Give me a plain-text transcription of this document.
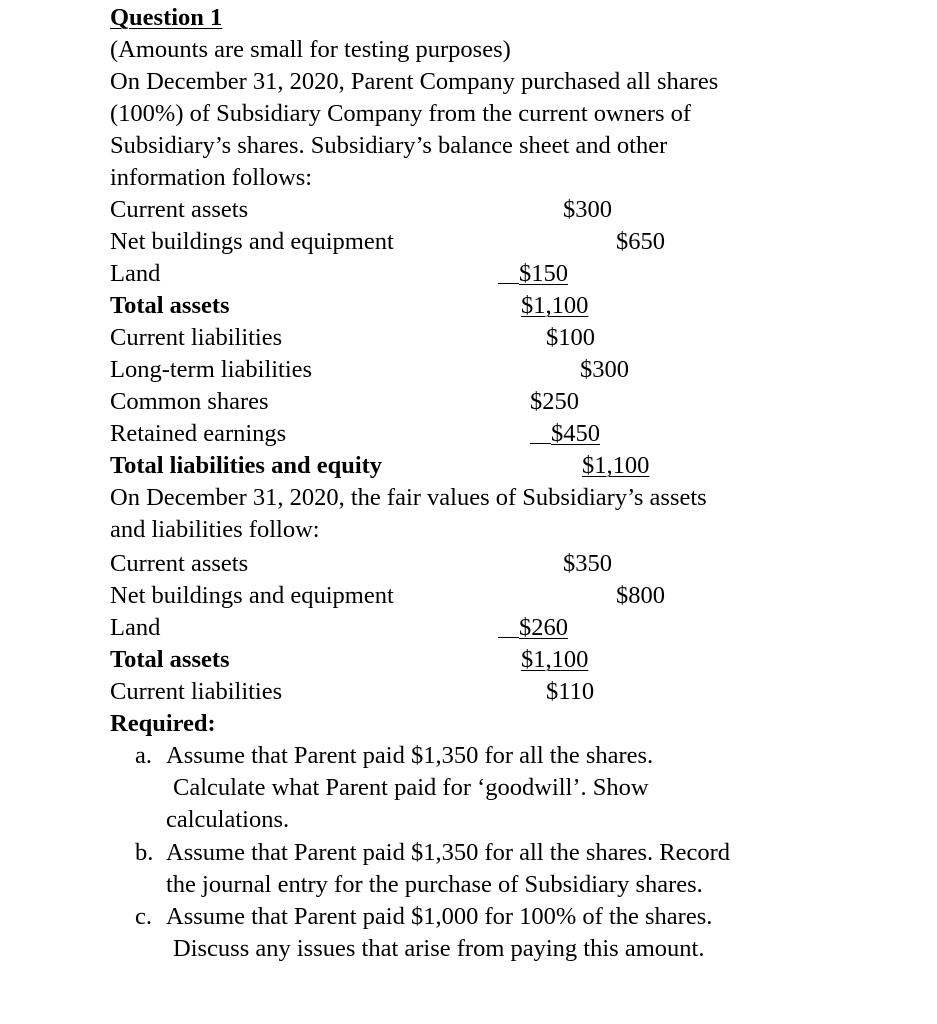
Question 1
(Amounts are small for testing purposes)
On December 31, 2020, Parent Company purchased all shares
(100%) of Subsidiary Company from the current owners of
Subsidiary’s shares. Subsidiary’s balance sheet and other
information follows:
Current assets	$300
Net buildings and equipment	$650
Land	$150
Total assets	$1,100
Current liabilities	$100
Long-term liabilities	$300
Common shares	$250
Retained earnings	$450
Total liabilities and equity	$1,100
On December 31, 2020, the fair values of Subsidiary’s assets
and liabilities follow:
Current assets	$350
Net buildings and equipment	$800
Land	$260
Total assets	$1,100
Current liabilities	$110
Required:
a. Assume that Parent paid $1,350 for all the shares.
Calculate what Parent paid for ‘goodwill’. Show
calculations.
b. Assume that Parent paid $1,350 for all the shares. Record
the journal entry for the purchase of Subsidiary shares.
c. Assume that Parent paid $1,000 for 100% of the shares.
Discuss any issues that arise from paying this amount.
